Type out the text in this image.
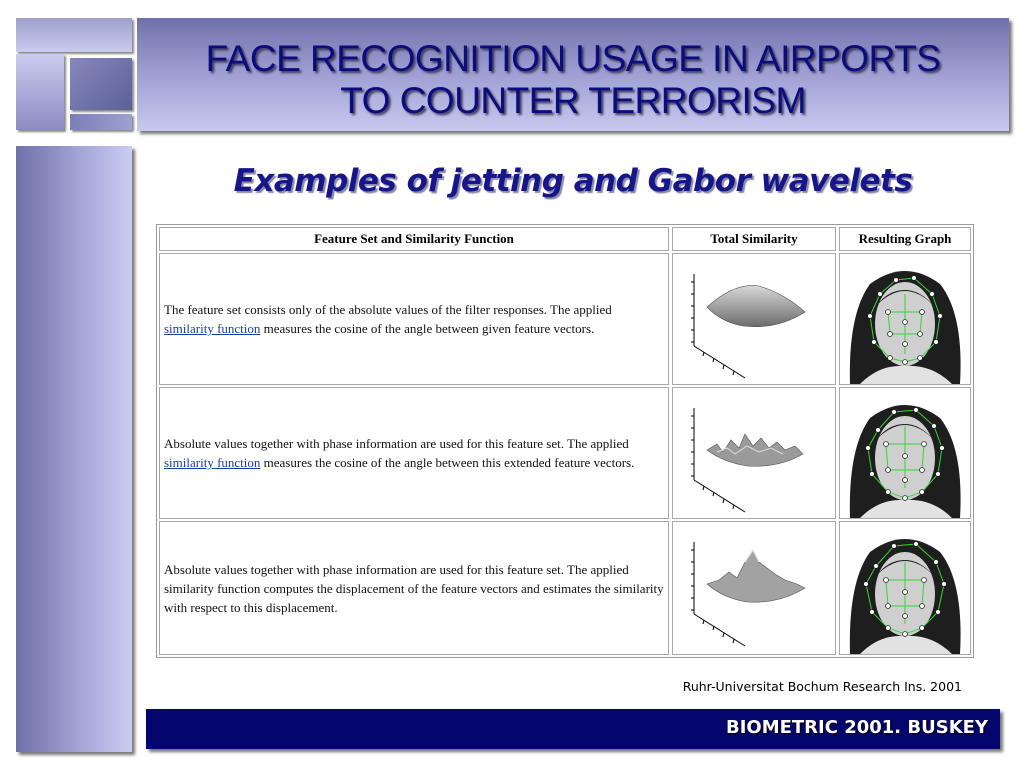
FACE RECOGNITION USAGE IN AIRPORTS
TO COUNTER TERRORISM
Examples of jetting and Gabor wavelets
Feature Set and Similarity Function	Total Similarity	Resulting Graph
The feature set consists only of the absolute values of the filter responses. The applied similarity function measures the cosine of the angle between given feature vectors.
Absolute values together with phase information are used for this feature set. The applied similarity function measures the cosine of the angle between this extended feature vectors.
Absolute values together with phase information are used for this feature set. The applied similarity function computes the displacement of the feature vectors and estimates the similarity with respect to this displacement.
Ruhr-Universitat Bochum Research Ins. 2001
BIOMETRIC 2001. BUSKEY
